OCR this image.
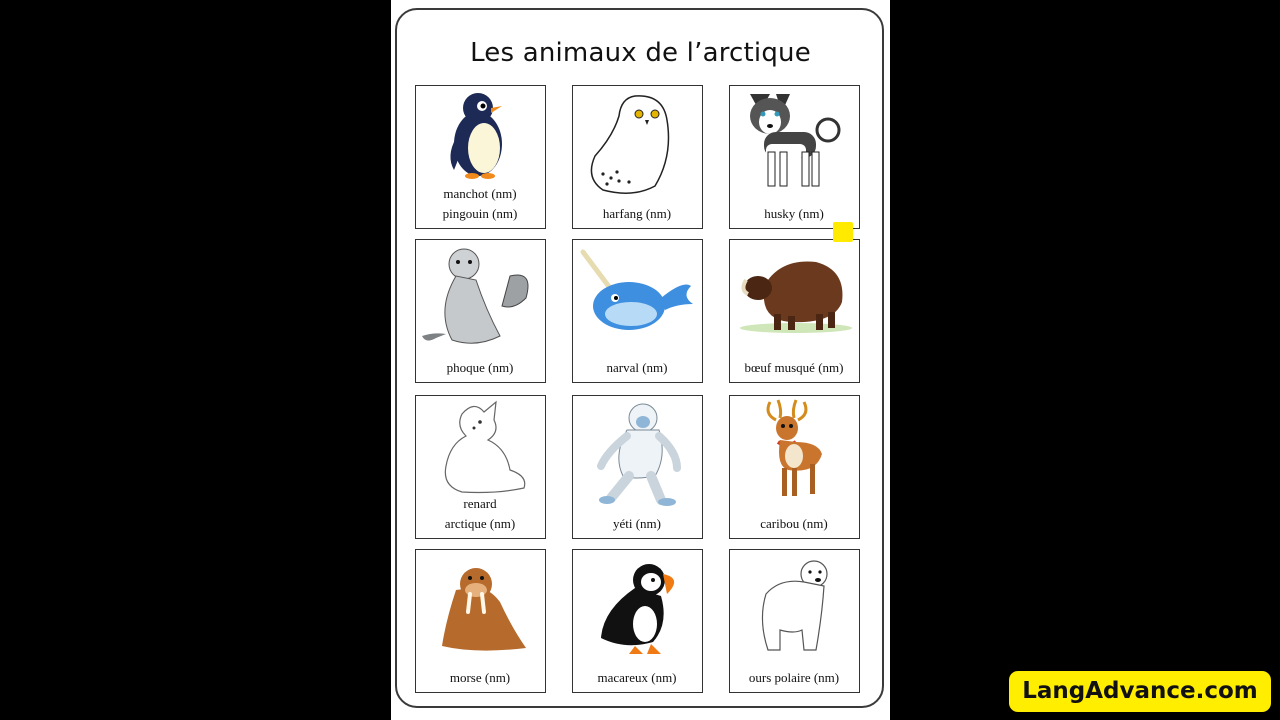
Les animaux de l’arctique
manchot (nm)
pingouin (nm)	harfang (nm)	husky (nm)
phoque (nm)	narval (nm)	bœuf musqué (nm)
renard
arctique (nm)	yéti (nm)	caribou (nm)
morse (nm)	macareux (nm)	ours polaire (nm)
LangAdvance.com
